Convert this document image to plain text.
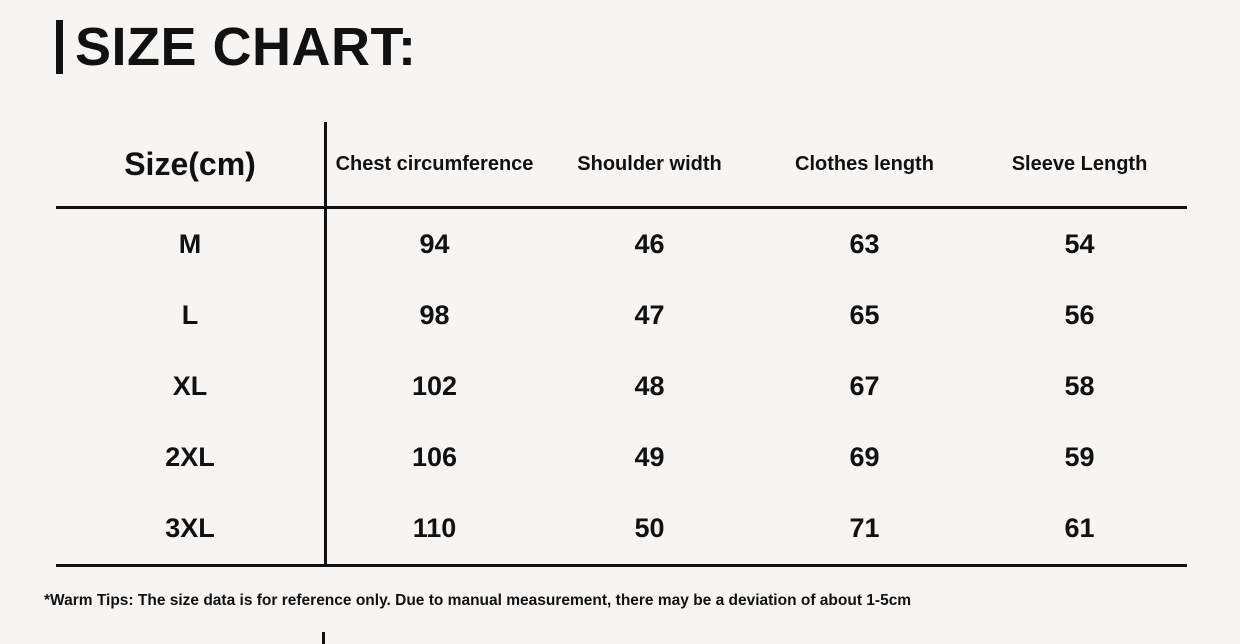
SIZE CHART:
Size(cm)	Chest circumference	Shoulder width	Clothes length	Sleeve Length
M	94	46	63	54
L	98	47	65	56
XL	102	48	67	58
2XL	106	49	69	59
3XL	110	50	71	61
*Warm Tips: The size data is for reference only. Due to manual measurement, there may be a deviation of about 1-5cm
